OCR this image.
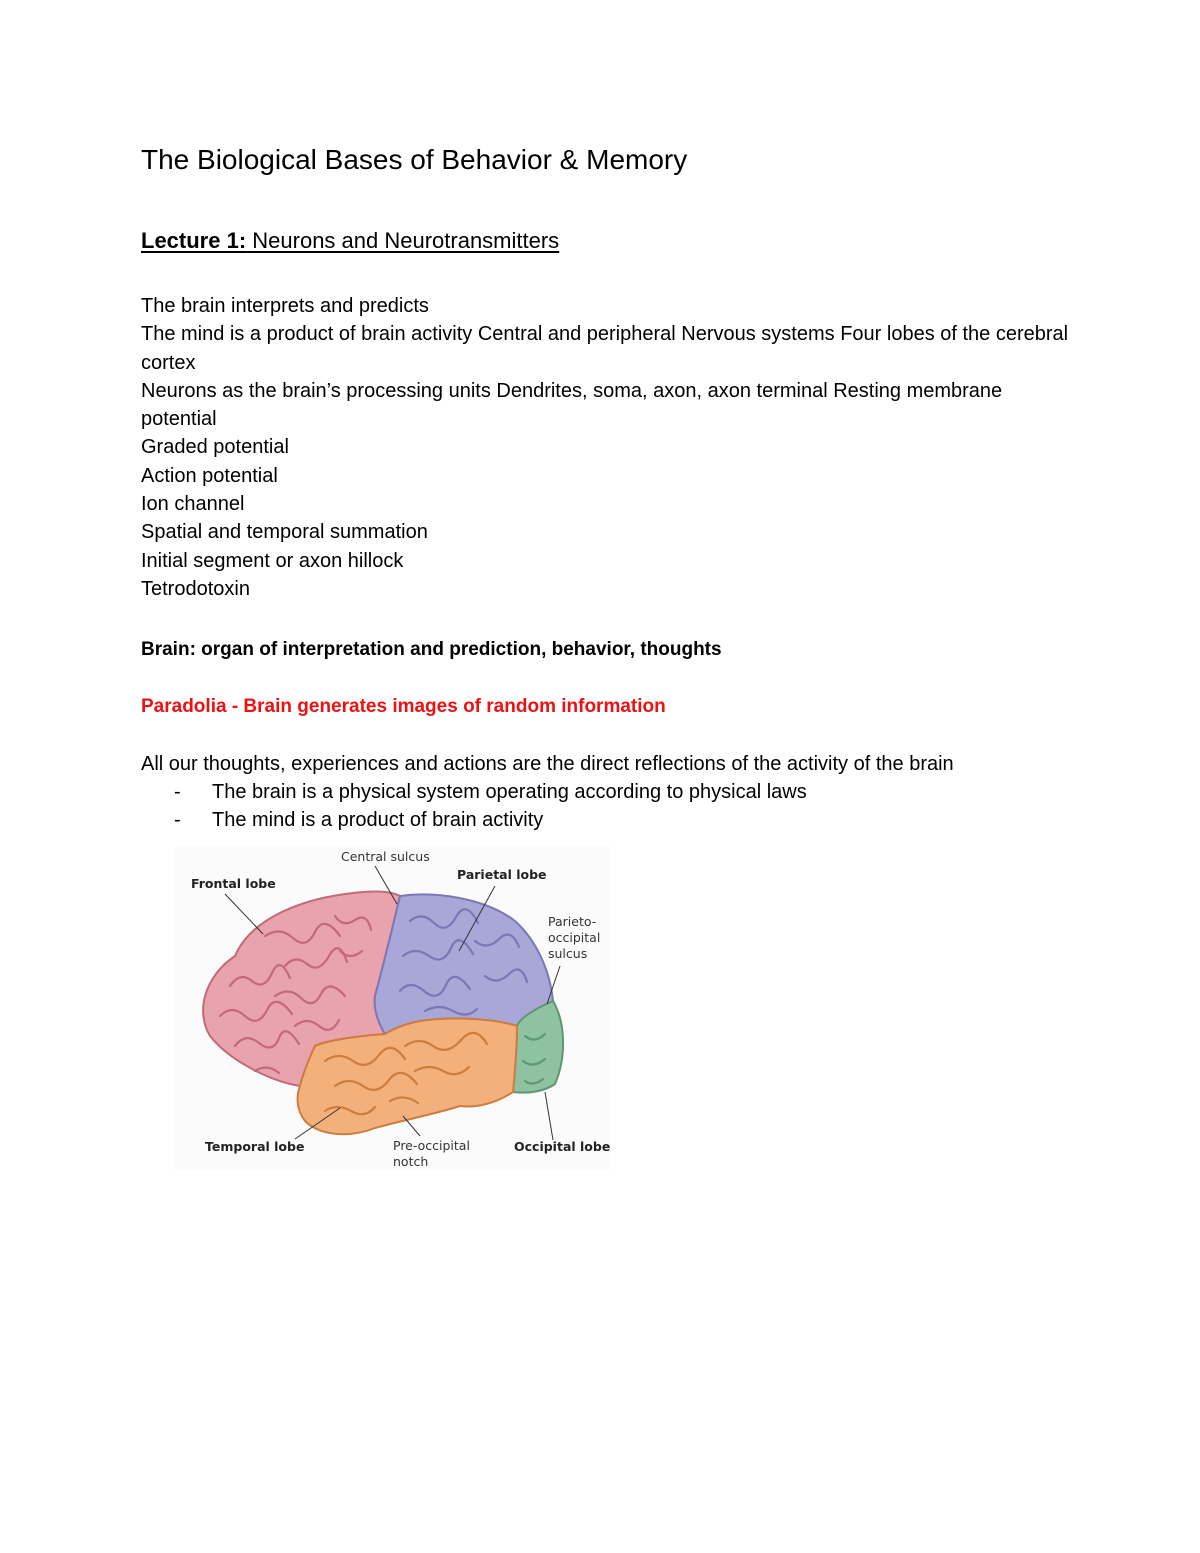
The Biological Bases of Behavior & Memory
Lecture 1: Neurons and Neurotransmitters
The brain interprets and predicts
The mind is a product of brain activity Central and peripheral Nervous systems Four lobes of the cerebral cortex
Neurons as the brain’s processing units Dendrites, soma, axon, axon terminal Resting membrane potential
Graded potential
Action potential
Ion channel
Spatial and temporal summation
Initial segment or axon hillock
Tetrodotoxin
Brain: organ of interpretation and prediction, behavior, thoughts
Paradolia - Brain generates images of random information
All our thoughts, experiences and actions are the direct reflections of the activity of the brain
- The brain is a physical system operating according to physical laws
- The mind is a product of brain activity
Frontal lobe
Central sulcus
Parietal lobe
Parieto-
occipital
sulcus
Temporal lobe	Pre-occipital
notch
Occipital lobe
